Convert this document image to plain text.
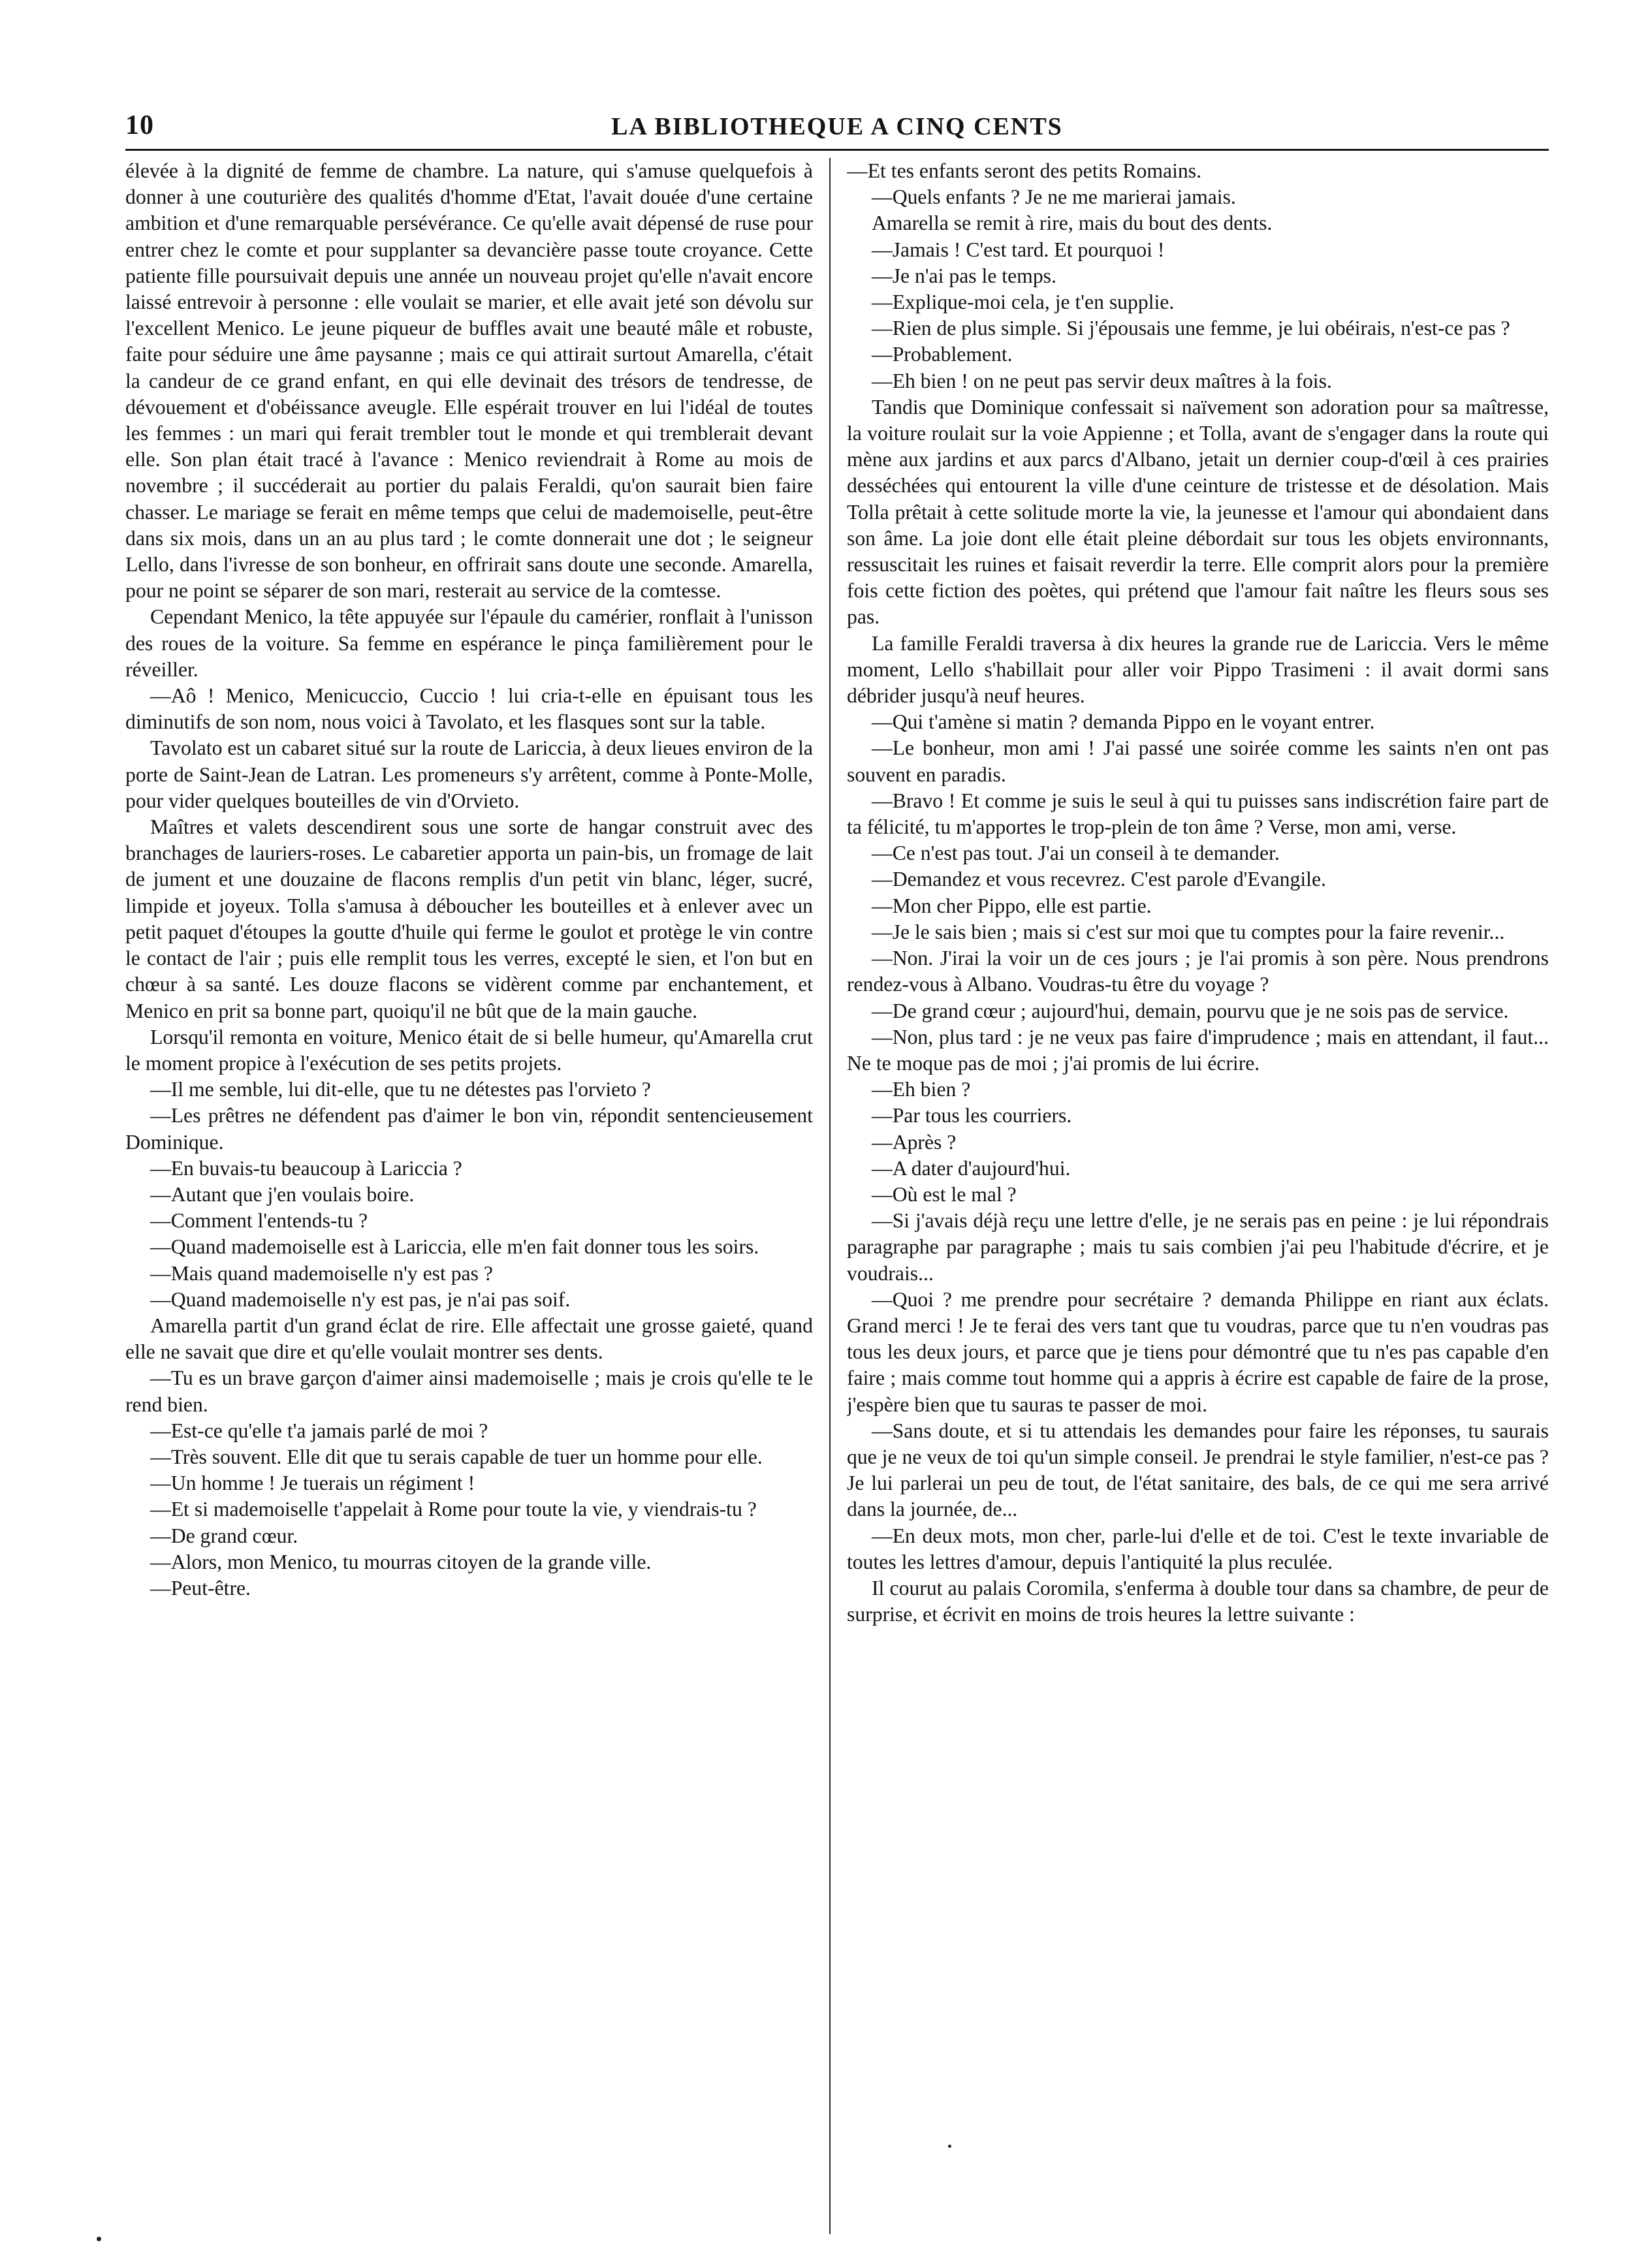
10	LA BIBLIOTHEQUE A CINQ CENTS

élevée à la dignité de femme de chambre. La nature, qui s'amuse quelquefois à donner à une couturière des qualités d'homme d'Etat, l'avait douée d'une certaine ambition et d'une remarquable persévérance. Ce qu'elle avait dépensé de ruse pour entrer chez le comte et pour supplanter sa devancière passe toute croyance. Cette patiente fille poursuivait depuis une année un nouveau projet qu'elle n'avait encore laissé entrevoir à personne : elle voulait se marier, et elle avait jeté son dévolu sur l'excellent Menico. Le jeune piqueur de buffles avait une beauté mâle et robuste, faite pour séduire une âme paysanne ; mais ce qui attirait surtout Amarella, c'était la candeur de ce grand enfant, en qui elle devinait des trésors de tendresse, de dévouement et d'obéissance aveugle. Elle espérait trouver en lui l'idéal de toutes les femmes : un mari qui ferait trembler tout le monde et qui tremblerait devant elle. Son plan était tracé à l'avance : Menico reviendrait à Rome au mois de novembre ; il succéderait au portier du palais Feraldi, qu'on saurait bien faire chasser. Le mariage se ferait en même temps que celui de mademoiselle, peut-être dans six mois, dans un an au plus tard ; le comte donnerait une dot ; le seigneur Lello, dans l'ivresse de son bonheur, en offrirait sans doute une seconde. Amarella, pour ne point se séparer de son mari, resterait au service de la comtesse.

Cependant Menico, la tête appuyée sur l'épaule du camérier, ronflait à l'unisson des roues de la voiture. Sa femme en espérance le pinça familièrement pour le réveiller.

—Aô ! Menico, Menicuccio, Cuccio ! lui cria-t-elle en épuisant tous les diminutifs de son nom, nous voici à Tavolato, et les flasques sont sur la table.

Tavolato est un cabaret situé sur la route de Lariccia, à deux lieues environ de la porte de Saint-Jean de Latran. Les promeneurs s'y arrêtent, comme à Ponte-Molle, pour vider quelques bouteilles de vin d'Orvieto.

Maîtres et valets descendirent sous une sorte de hangar construit avec des branchages de lauriers-roses. Le cabaretier apporta un pain-bis, un fromage de lait de jument et une douzaine de flacons remplis d'un petit vin blanc, léger, sucré, limpide et joyeux. Tolla s'amusa à déboucher les bouteilles et à enlever avec un petit paquet d'étoupes la goutte d'huile qui ferme le goulot et protège le vin contre le contact de l'air ; puis elle remplit tous les verres, excepté le sien, et l'on but en chœur à sa santé. Les douze flacons se vidèrent comme par enchantement, et Menico en prit sa bonne part, quoiqu'il ne bût que de la main gauche.

Lorsqu'il remonta en voiture, Menico était de si belle humeur, qu'Amarella crut le moment propice à l'exécution de ses petits projets.

—Il me semble, lui dit-elle, que tu ne détestes pas l'orvieto ?

—Les prêtres ne défendent pas d'aimer le bon vin, répondit sentencieusement Dominique.

—En buvais-tu beaucoup à Lariccia ?

—Autant que j'en voulais boire.

—Comment l'entends-tu ?

—Quand mademoiselle est à Lariccia, elle m'en fait donner tous les soirs.

—Mais quand mademoiselle n'y est pas ?

—Quand mademoiselle n'y est pas, je n'ai pas soif.

Amarella partit d'un grand éclat de rire. Elle affectait une grosse gaieté, quand elle ne savait que dire et qu'elle voulait montrer ses dents.

—Tu es un brave garçon d'aimer ainsi mademoiselle ; mais je crois qu'elle te le rend bien.

—Est-ce qu'elle t'a jamais parlé de moi ?

—Très souvent. Elle dit que tu serais capable de tuer un homme pour elle.

—Un homme ! Je tuerais un régiment !

—Et si mademoiselle t'appelait à Rome pour toute la vie, y viendrais-tu ?

—De grand cœur.

—Alors, mon Menico, tu mourras citoyen de la grande ville.

—Peut-être.

—Et tes enfants seront des petits Romains.

—Quels enfants ? Je ne me marierai jamais.

Amarella se remit à rire, mais du bout des dents.

—Jamais ! C'est tard. Et pourquoi !

—Je n'ai pas le temps.

—Explique-moi cela, je t'en supplie.

—Rien de plus simple. Si j'épousais une femme, je lui obéirais, n'est-ce pas ?

—Probablement.

—Eh bien ! on ne peut pas servir deux maîtres à la fois.

Tandis que Dominique confessait si naïvement son adoration pour sa maîtresse, la voiture roulait sur la voie Appienne ; et Tolla, avant de s'engager dans la route qui mène aux jardins et aux parcs d'Albano, jetait un dernier coup-d'œil à ces prairies desséchées qui entourent la ville d'une ceinture de tristesse et de désolation. Mais Tolla prêtait à cette solitude morte la vie, la jeunesse et l'amour qui abondaient dans son âme. La joie dont elle était pleine débordait sur tous les objets environnants, ressuscitait les ruines et faisait reverdir la terre. Elle comprit alors pour la première fois cette fiction des poètes, qui prétend que l'amour fait naître les fleurs sous ses pas.

La famille Feraldi traversa à dix heures la grande rue de Lariccia. Vers le même moment, Lello s'habillait pour aller voir Pippo Trasimeni : il avait dormi sans débrider jusqu'à neuf heures.

—Qui t'amène si matin ? demanda Pippo en le voyant entrer.

—Le bonheur, mon ami ! J'ai passé une soirée comme les saints n'en ont pas souvent en paradis.

—Bravo ! Et comme je suis le seul à qui tu puisses sans indiscrétion faire part de ta félicité, tu m'apportes le trop-plein de ton âme ? Verse, mon ami, verse.

—Ce n'est pas tout. J'ai un conseil à te demander.

—Demandez et vous recevrez. C'est parole d'Evangile.

—Mon cher Pippo, elle est partie.

—Je le sais bien ; mais si c'est sur moi que tu comptes pour la faire revenir...

—Non. J'irai la voir un de ces jours ; je l'ai promis à son père. Nous prendrons rendez-vous à Albano. Voudras-tu être du voyage ?

—De grand cœur ; aujourd'hui, demain, pourvu que je ne sois pas de service.

—Non, plus tard : je ne veux pas faire d'imprudence ; mais en attendant, il faut... Ne te moque pas de moi ; j'ai promis de lui écrire.

—Eh bien ?

—Par tous les courriers.

—Après ?

—A dater d'aujourd'hui.

—Où est le mal ?

—Si j'avais déjà reçu une lettre d'elle, je ne serais pas en peine : je lui répondrais paragraphe par paragraphe ; mais tu sais combien j'ai peu l'habitude d'écrire, et je voudrais...

—Quoi ? me prendre pour secrétaire ? demanda Philippe en riant aux éclats. Grand merci ! Je te ferai des vers tant que tu voudras, parce que tu n'en voudras pas tous les deux jours, et parce que je tiens pour démontré que tu n'es pas capable d'en faire ; mais comme tout homme qui a appris à écrire est capable de faire de la prose, j'espère bien que tu sauras te passer de moi.

—Sans doute, et si tu attendais les demandes pour faire les réponses, tu saurais que je ne veux de toi qu'un simple conseil. Je prendrai le style familier, n'est-ce pas ? Je lui parlerai un peu de tout, de l'état sanitaire, des bals, de ce qui me sera arrivé dans la journée, de...

—En deux mots, mon cher, parle-lui d'elle et de toi. C'est le texte invariable de toutes les lettres d'amour, depuis l'antiquité la plus reculée.

Il courut au palais Coromila, s'enferma à double tour dans sa chambre, de peur de surprise, et écrivit en moins de trois heures la lettre suivante :
